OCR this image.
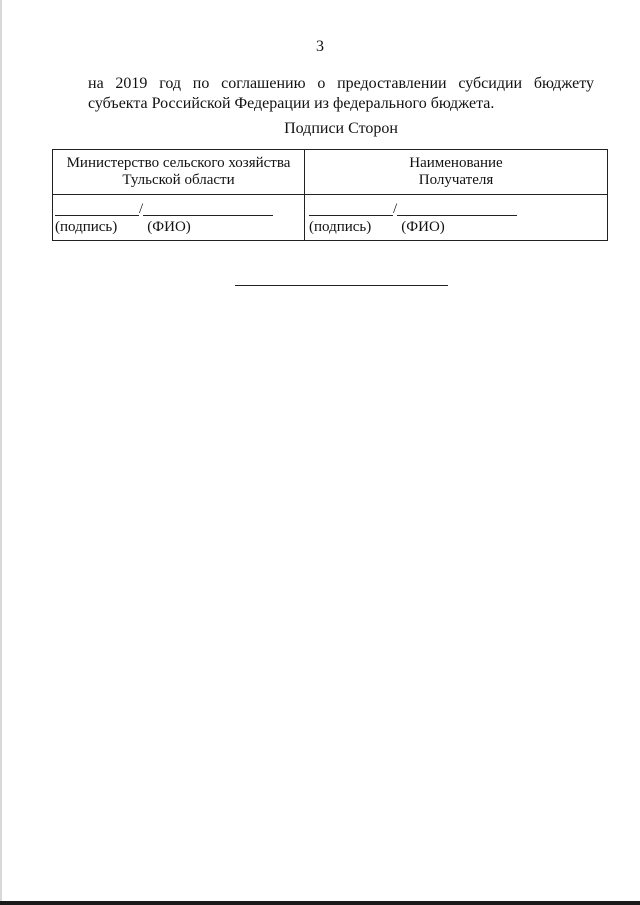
3
на 2019 год по соглашению о предоставлении субсидии бюджету субъекта Российской Федерации из федерального бюджета.
Подписи Сторон
Министерство сельского хозяйства
Тульской области
Наименование
Получателя
/
(подпись) (ФИО)
/
(подпись) (ФИО)
